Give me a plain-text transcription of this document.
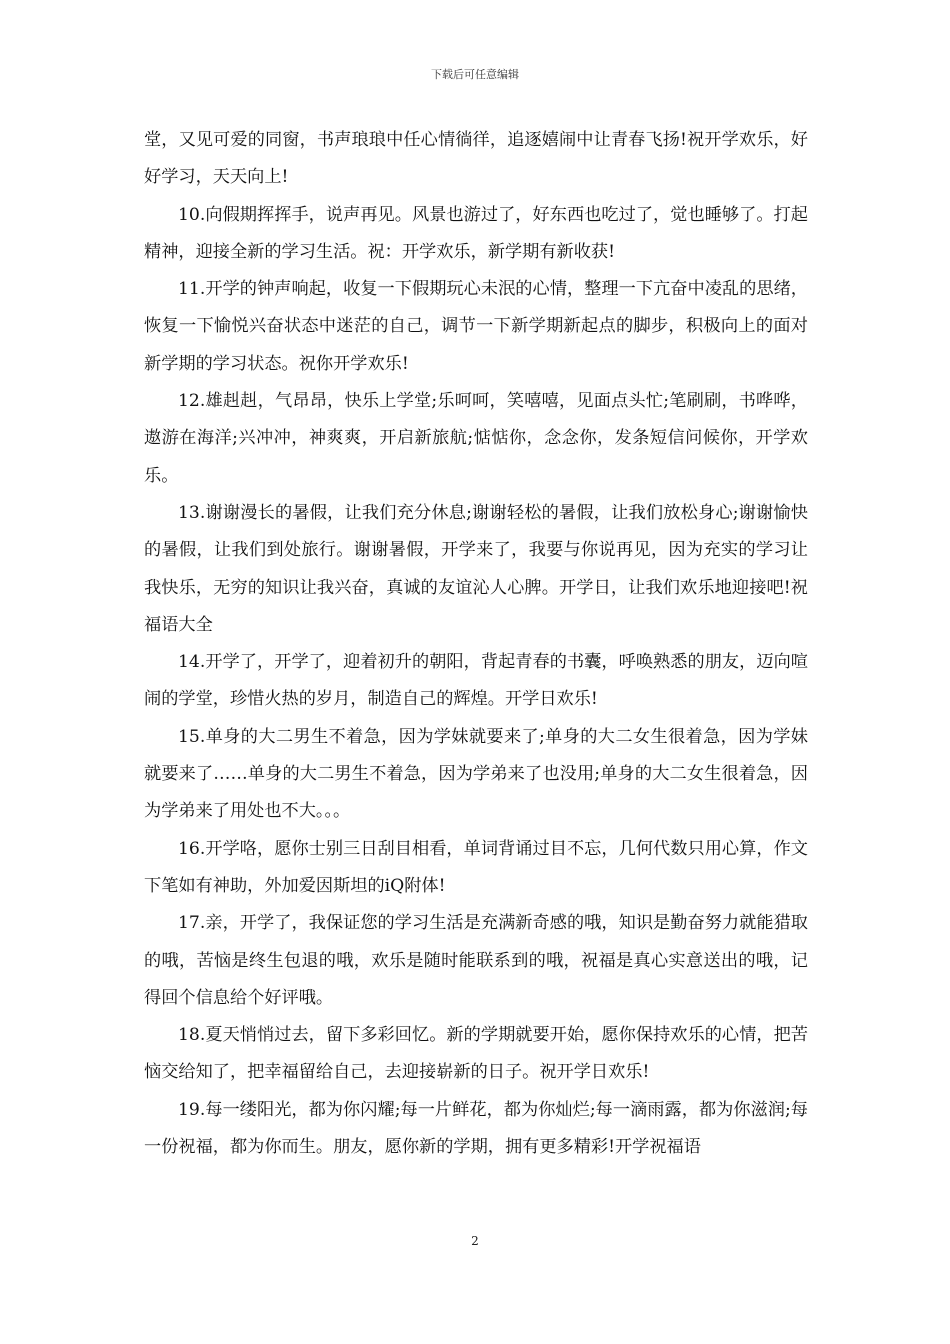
下载后可任意编辑

堂，又见可爱的同窗，书声琅琅中任心情徜徉，追逐嬉闹中让青春飞扬!祝开学欢乐，好好学习，天天向上!

10.向假期挥挥手，说声再见。风景也游过了，好东西也吃过了，觉也睡够了。打起精神，迎接全新的学习生活。祝：开学欢乐，新学期有新收获!

11.开学的钟声响起，收复一下假期玩心未泯的心情，整理一下亢奋中凌乱的思绪，恢复一下愉悦兴奋状态中迷茫的自己，调节一下新学期新起点的脚步，积极向上的面对新学期的学习状态。祝你开学欢乐!

12.雄赳赳，气昂昂，快乐上学堂;乐呵呵，笑嘻嘻，见面点头忙;笔刷刷，书哗哗，遨游在海洋;兴冲冲，神爽爽，开启新旅航;惦惦你，念念你，发条短信问候你，开学欢乐。

13.谢谢漫长的暑假，让我们充分休息;谢谢轻松的暑假，让我们放松身心;谢谢愉快的暑假，让我们到处旅行。谢谢暑假，开学来了，我要与你说再见，因为充实的学习让我快乐，无穷的知识让我兴奋，真诚的友谊沁人心脾。开学日，让我们欢乐地迎接吧!祝福语大全

14.开学了，开学了，迎着初升的朝阳，背起青春的书囊，呼唤熟悉的朋友，迈向喧闹的学堂，珍惜火热的岁月，制造自己的辉煌。开学日欢乐!

15.单身的大二男生不着急，因为学妹就要来了;单身的大二女生很着急，因为学妹就要来了……单身的大二男生不着急，因为学弟来了也没用;单身的大二女生很着急，因为学弟来了用处也不大。。。

16.开学咯，愿你士别三日刮目相看，单词背诵过目不忘，几何代数只用心算，作文下笔如有神助，外加爱因斯坦的iQ附体!

17.亲，开学了，我保证您的学习生活是充满新奇感的哦，知识是勤奋努力就能猎取的哦，苦恼是终生包退的哦，欢乐是随时能联系到的哦，祝福是真心实意送出的哦，记得回个信息给个好评哦。

18.夏天悄悄过去，留下多彩回忆。新的学期就要开始，愿你保持欢乐的心情，把苦恼交给知了，把幸福留给自己，去迎接崭新的日子。祝开学日欢乐!

19.每一缕阳光，都为你闪耀;每一片鲜花，都为你灿烂;每一滴雨露，都为你滋润;每一份祝福，都为你而生。朋友，愿你新的学期，拥有更多精彩!开学祝福语

2
